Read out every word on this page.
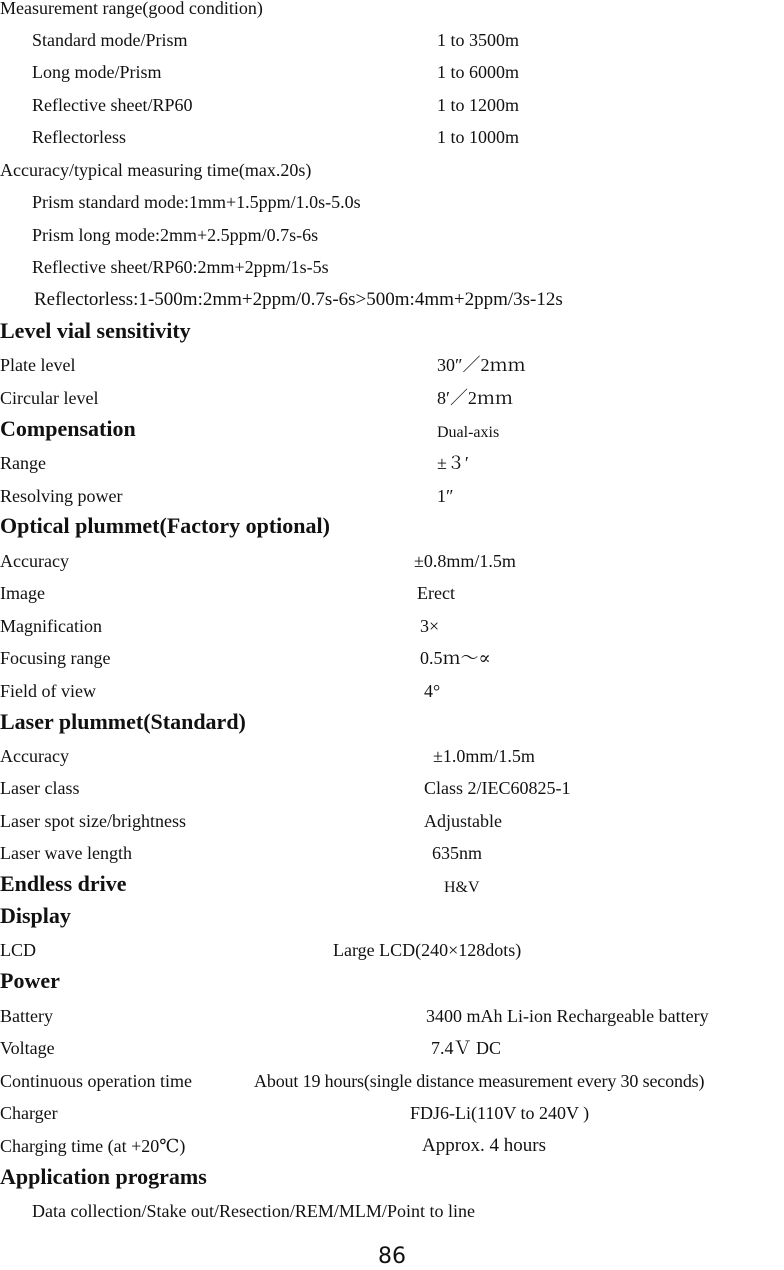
Measurement range(good condition)
Standard mode/Prism	1 to 3500m
Long mode/Prism	1 to 6000m
Reflective sheet/RP60	1 to 1200m
Reflectorless	1 to 1000m
Accuracy/typical measuring time(max.20s)
Prism standard mode:1mm+1.5ppm/1.0s-5.0s
Prism long mode:2mm+2.5ppm/0.7s-6s
Reflective sheet/RP60:2mm+2ppm/1s-5s
Reflectorless:1-500m:2mm+2ppm/0.7s-6s>500m:4mm+2ppm/3s-12s
Level vial sensitivity
Plate level	30″／2ｍｍ
Circular level	8′／2ｍｍ
Compensation	Dual-axis
Range	±３′
Resolving power	1″
Optical plummet(Factory optional)
Accuracy	±0.8mm/1.5m
Image	Erect
Magnification	3×
Focusing range	0.5ｍ～∝
Field of view	4°
Laser plummet(Standard)
Accuracy	±1.0mm/1.5m
Laser class	Class 2/IEC60825-1
Laser spot size/brightness	Adjustable
Laser wave length	635nm
Endless drive	H&V
Display
LCD	Large LCD(240×128dots)
Power
Battery	3400 mAh Li-ion Rechargeable battery
Voltage	7.4Ｖ DC
Continuous operation time	About 19 hours(single distance measurement every 30 seconds)
Charger	FDJ6-Li(110V to 240V )
Charging time (at +20℃)	Approx. 4 hours
Application programs
Data collection/Stake out/Resection/REM/MLM/Point to line
86
